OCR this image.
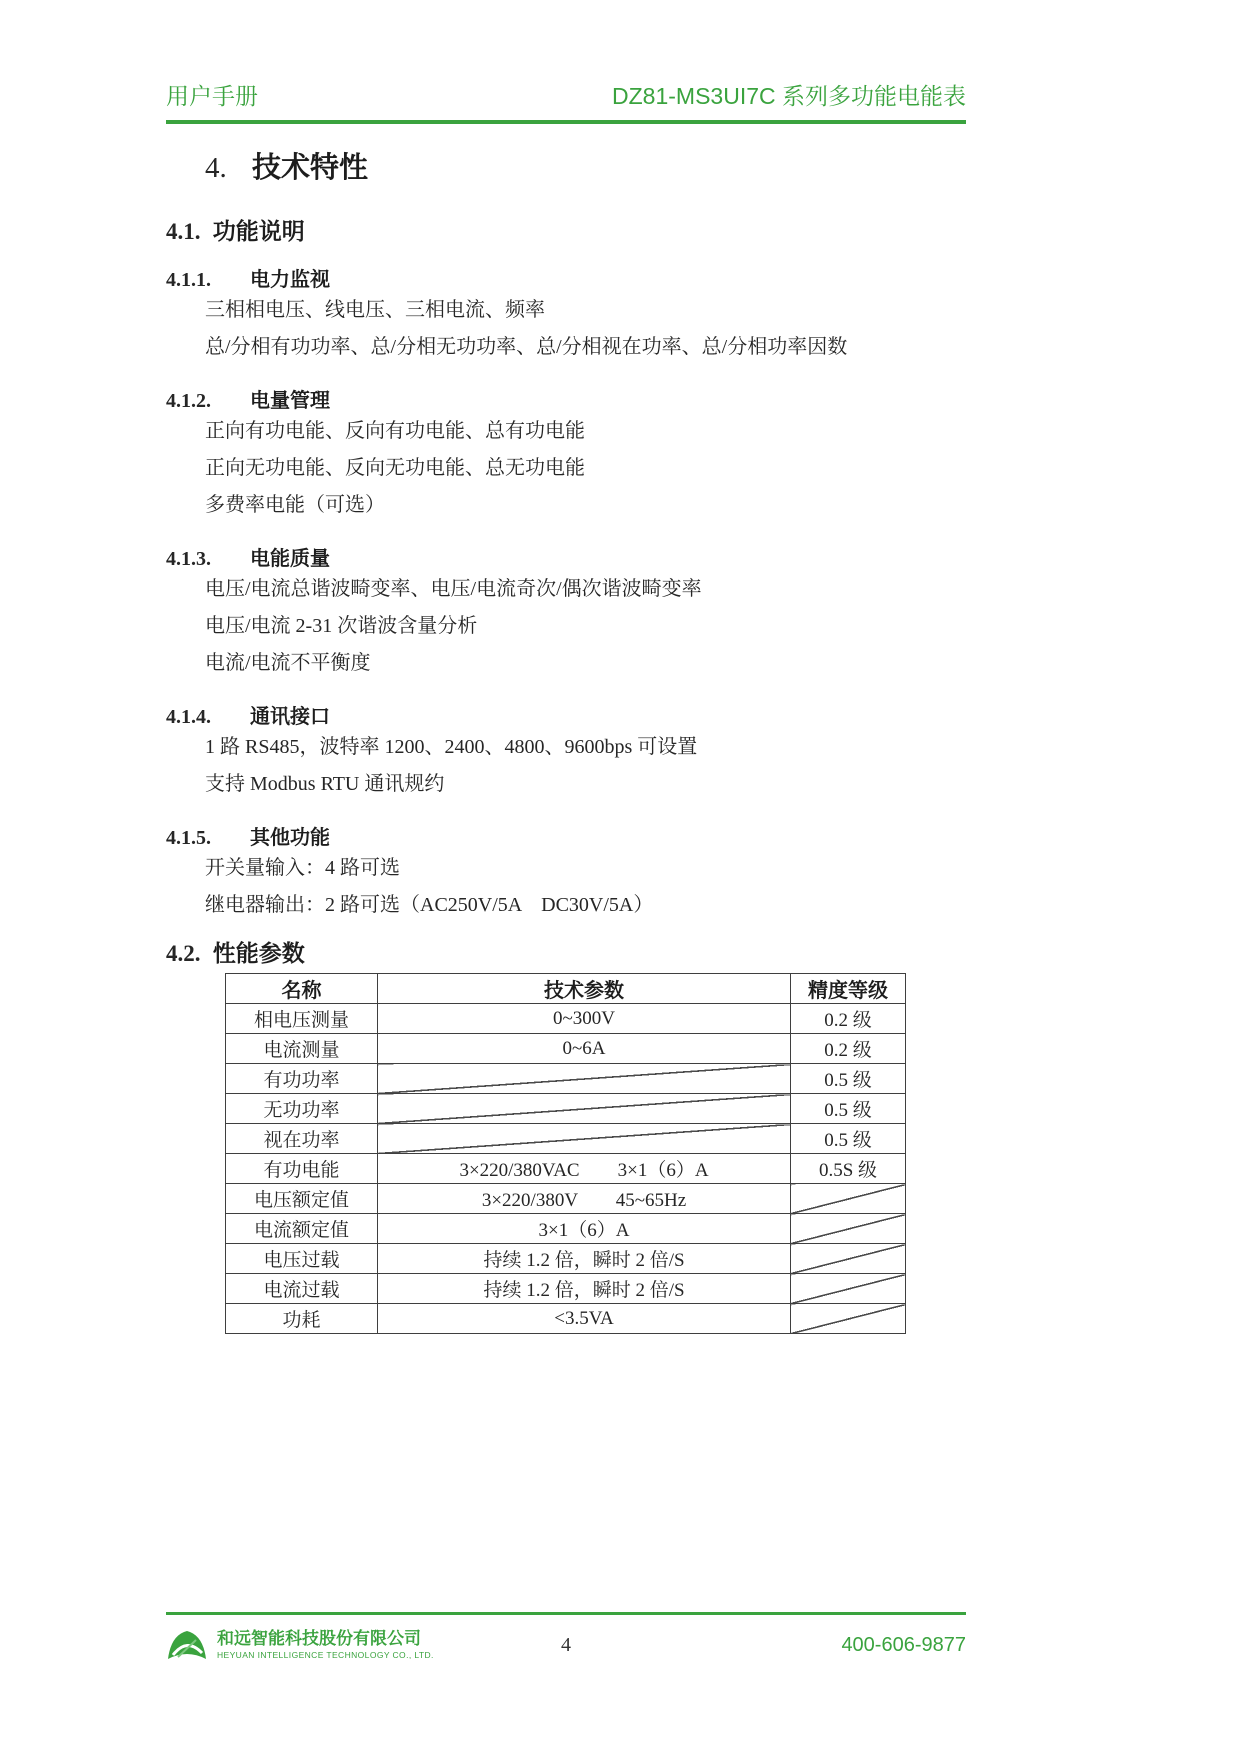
用户手册	DZ81-MS3UI7C 系列多功能电能表
4. 技术特性
4.1. 功能说明
4.1.1. 电力监视

三相相电压、线电压、三相电流、频率

总/分相有功功率、总/分相无功功率、总/分相视在功率、总/分相功率因数

4.1.2. 电量管理

正向有功电能、反向有功电能、总有功电能

正向无功电能、反向无功电能、总无功电能

多费率电能（可选）

4.1.3. 电能质量

电压/电流总谐波畸变率、电压/电流奇次/偶次谐波畸变率

电压/电流 2-31 次谐波含量分析

电流/电流不平衡度

4.1.4. 通讯接口

1 路 RS485，波特率 1200、2400、4800、9600bps 可设置

支持 Modbus RTU 通讯规约

4.1.5. 其他功能

开关量输入：4 路可选

继电器输出：2 路可选（AC250V/5A　DC30V/5A）

4.2. 性能参数
名称	技术参数	精度等级
相电压测量	0~300V	0.2 级
电流测量	0~6A	0.2 级
有功功率		0.5 级
无功功率		0.5 级
视在功率		0.5 级
有功电能	3×220/380VAC　　3×1（6）A	0.5S 级
电压额定值	3×220/380V　　45~65Hz	
电流额定值	3×1（6）A	
电压过载	持续 1.2 倍，瞬时 2 倍/S	
电流过载	持续 1.2 倍，瞬时 2 倍/S	
功耗	<3.5VA	
和远智能科技股份有限公司
HEYUAN INTELLIGENCE TECHNOLOGY CO., LTD.	4	400-606-9877
